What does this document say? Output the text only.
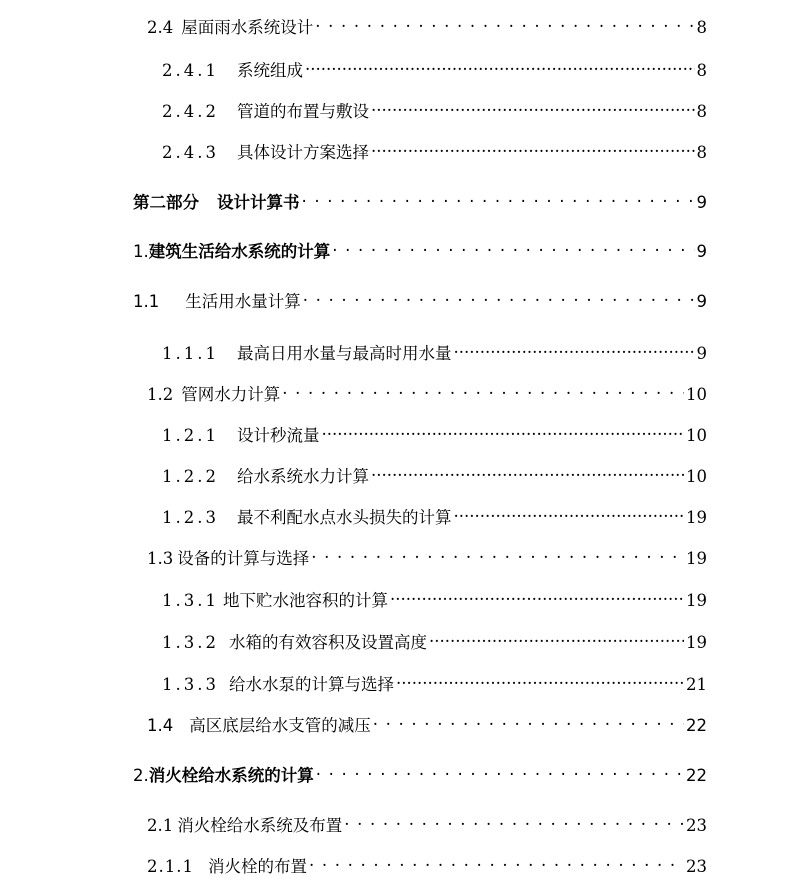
2.4 屋面雨水系统设计 . . .	8
2.4.1 系统组成 .....	8
2.4.2 管道的布置与敷设 .....	8
2.4.3 具体设计方案选择 .....	8
第二部分 设计计算书 . . .	9
1. 建筑生活给水系统的计算 . . .	9
1.1 生活用水量计算 . . .	9
1.1.1 最高日用水量与最高时用水量 .....	9
1.2 管网水力计算 . . .	10
1.2.1 设计秒流量 .....	10
1.2.2 给水系统水力计算 .....	10
1.2.3 最不利配水点水头损失的计算 .....	19
1.3 设备的计算与选择 . . .	19
1.3.1 地下贮水池容积的计算 .....	19
1.3.2 水箱的有效容积及设置高度 .....	19
1.3.3 给水水泵的计算与选择 .....	21
1.4 高区底层给水支管的减压 . . .	22
2. 消火栓给水系统的计算 . . .	22
2.1 消火栓给水系统及布置 . . .	23
2.1.1 消火栓的布置 . . .	23
